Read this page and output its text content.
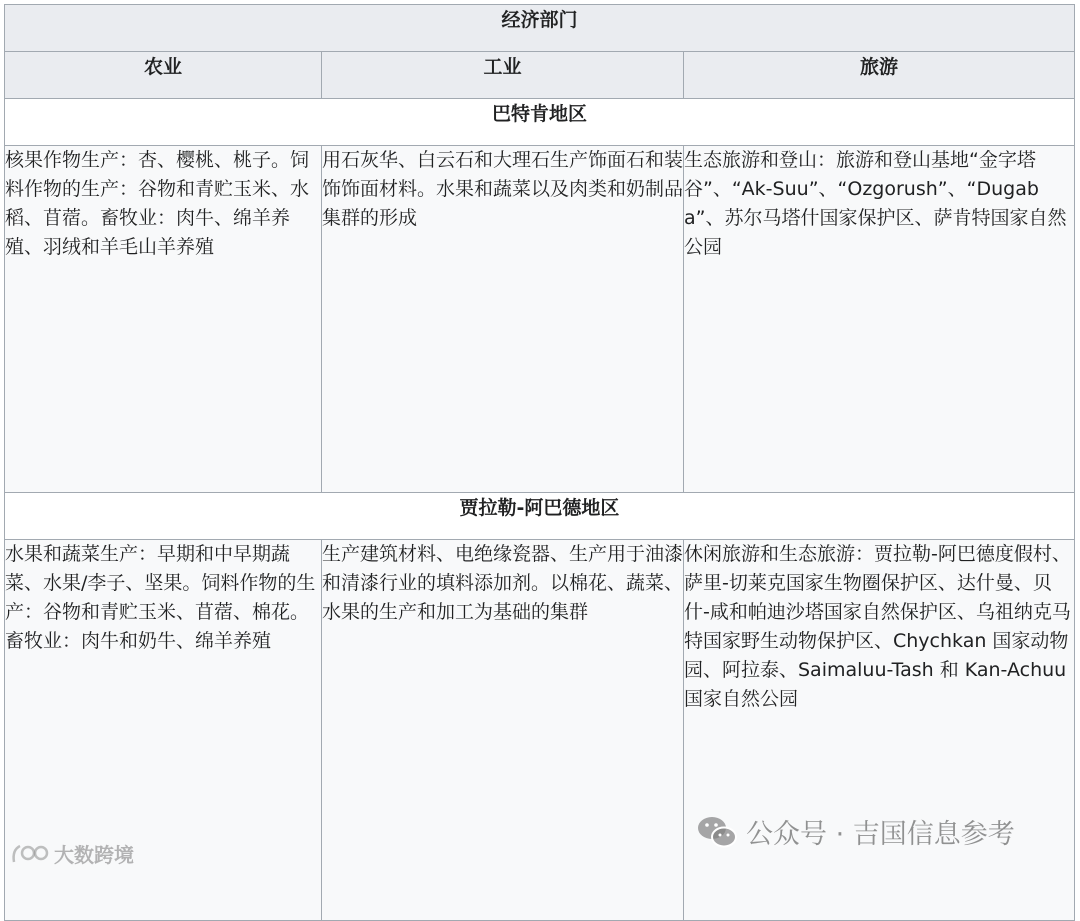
经济部门		
农业	工业	旅游
巴特肯地区		
核果作物生产：杏、樱桃、桃子。饲料作物的生产：谷物和青贮玉米、水稻、苜蓿。畜牧业：肉牛、绵羊养殖、羽绒和羊毛山羊养殖	用石灰华、白云石和大理石生产饰面石和装饰饰面材料。水果和蔬菜以及肉类和奶制品集群的形成	生态旅游和登山：旅游和登山基地“金字塔谷”、“Ak-Suu”、“Ozgorush”、“Dugaba”、苏尔马塔什国家保护区、萨肯特国家自然公园
贾拉勒-阿巴德地区		
水果和蔬菜生产：早期和中早期蔬菜、水果/李子、坚果。饲料作物的生产：谷物和青贮玉米、苜蓿、棉花。畜牧业：肉牛和奶牛、绵羊养殖	生产建筑材料、电绝缘瓷器、生产用于油漆和清漆行业的填料添加剂。以棉花、蔬菜、水果的生产和加工为基础的集群	休闲旅游和生态旅游：贾拉勒-阿巴德度假村、萨里-切莱克国家生物圈保护区、达什曼、贝什-咸和帕迪沙塔国家自然保护区、乌祖纳克马特国家野生动物保护区、Chychkan 国家动物园、阿拉泰、Saimaluu-Tash 和 Kan-Achuu 国家自然公园
大数跨境
公众号 · 吉国信息参考
